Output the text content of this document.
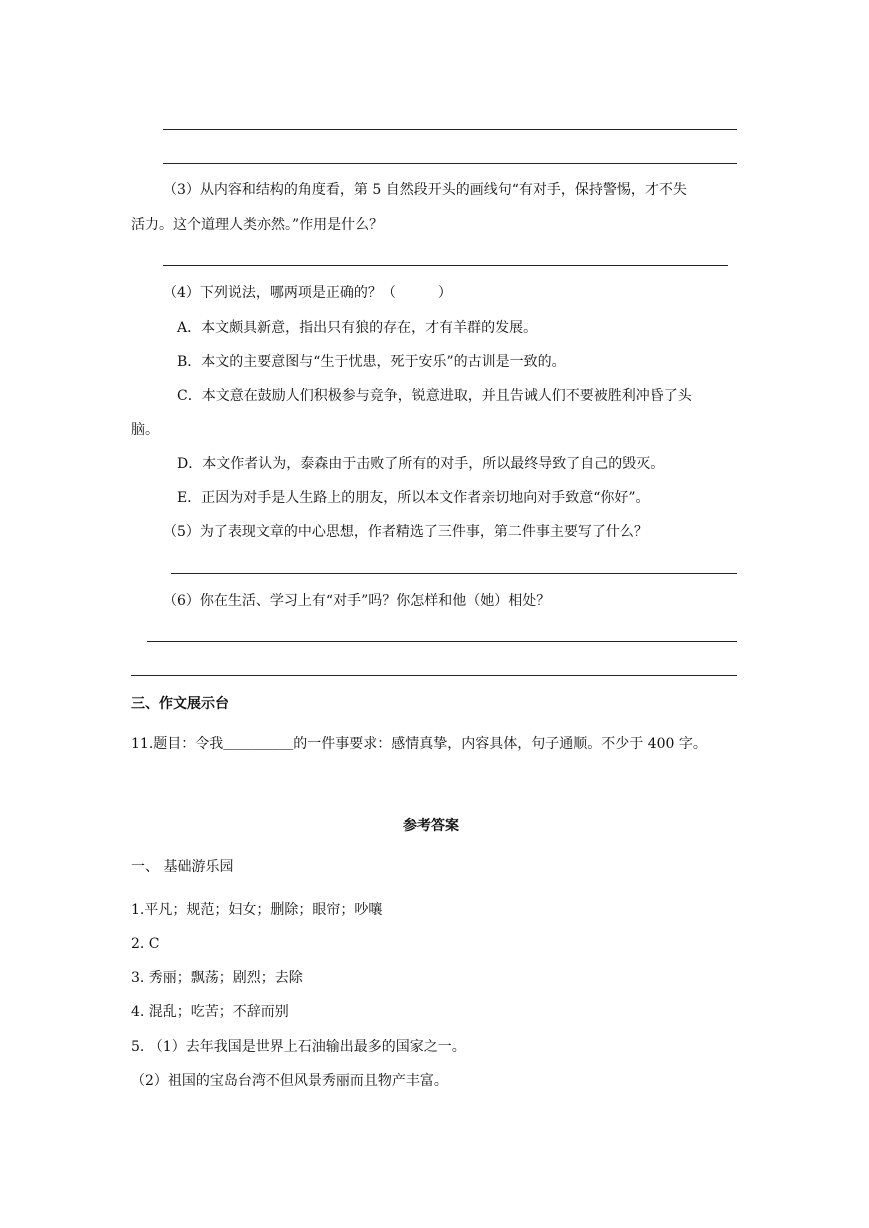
（3）从内容和结构的角度看，第 5 自然段开头的画线句“有对手，保持警惕，才不失
活力。这个道理人类亦然。”作用是什么？
（4）下列说法，哪两项是正确的？（　　　）
A．本文颇具新意，指出只有狼的存在，才有羊群的发展。
B．本文的主要意图与“生于忧患，死于安乐”的古训是一致的。
C．本文意在鼓励人们积极参与竞争，锐意进取，并且告诫人们不要被胜利冲昏了头
脑。
D．本文作者认为，泰森由于击败了所有的对手，所以最终导致了自己的毁灭。
E．正因为对手是人生路上的朋友，所以本文作者亲切地向对手致意“你好”。
（5）为了表现文章的中心思想，作者精选了三件事，第二件事主要写了什么？
（6）你在生活、学习上有“对手”吗？你怎样和他（她）相处？
三、作文展示台
11.题目：令我＿＿＿＿＿的一件事要求：感情真挚，内容具体，句子通顺。不少于 400 字。
参考答案
一、 基础游乐园
1.平凡；规范；妇女；删除；眼帘；吵嚷
2. C
3. 秀丽；飘荡；剧烈；去除
4. 混乱；吃苦；不辞而别
5. （1）去年我国是世界上石油输出最多的国家之一。
（2）祖国的宝岛台湾不但风景秀丽而且物产丰富。
